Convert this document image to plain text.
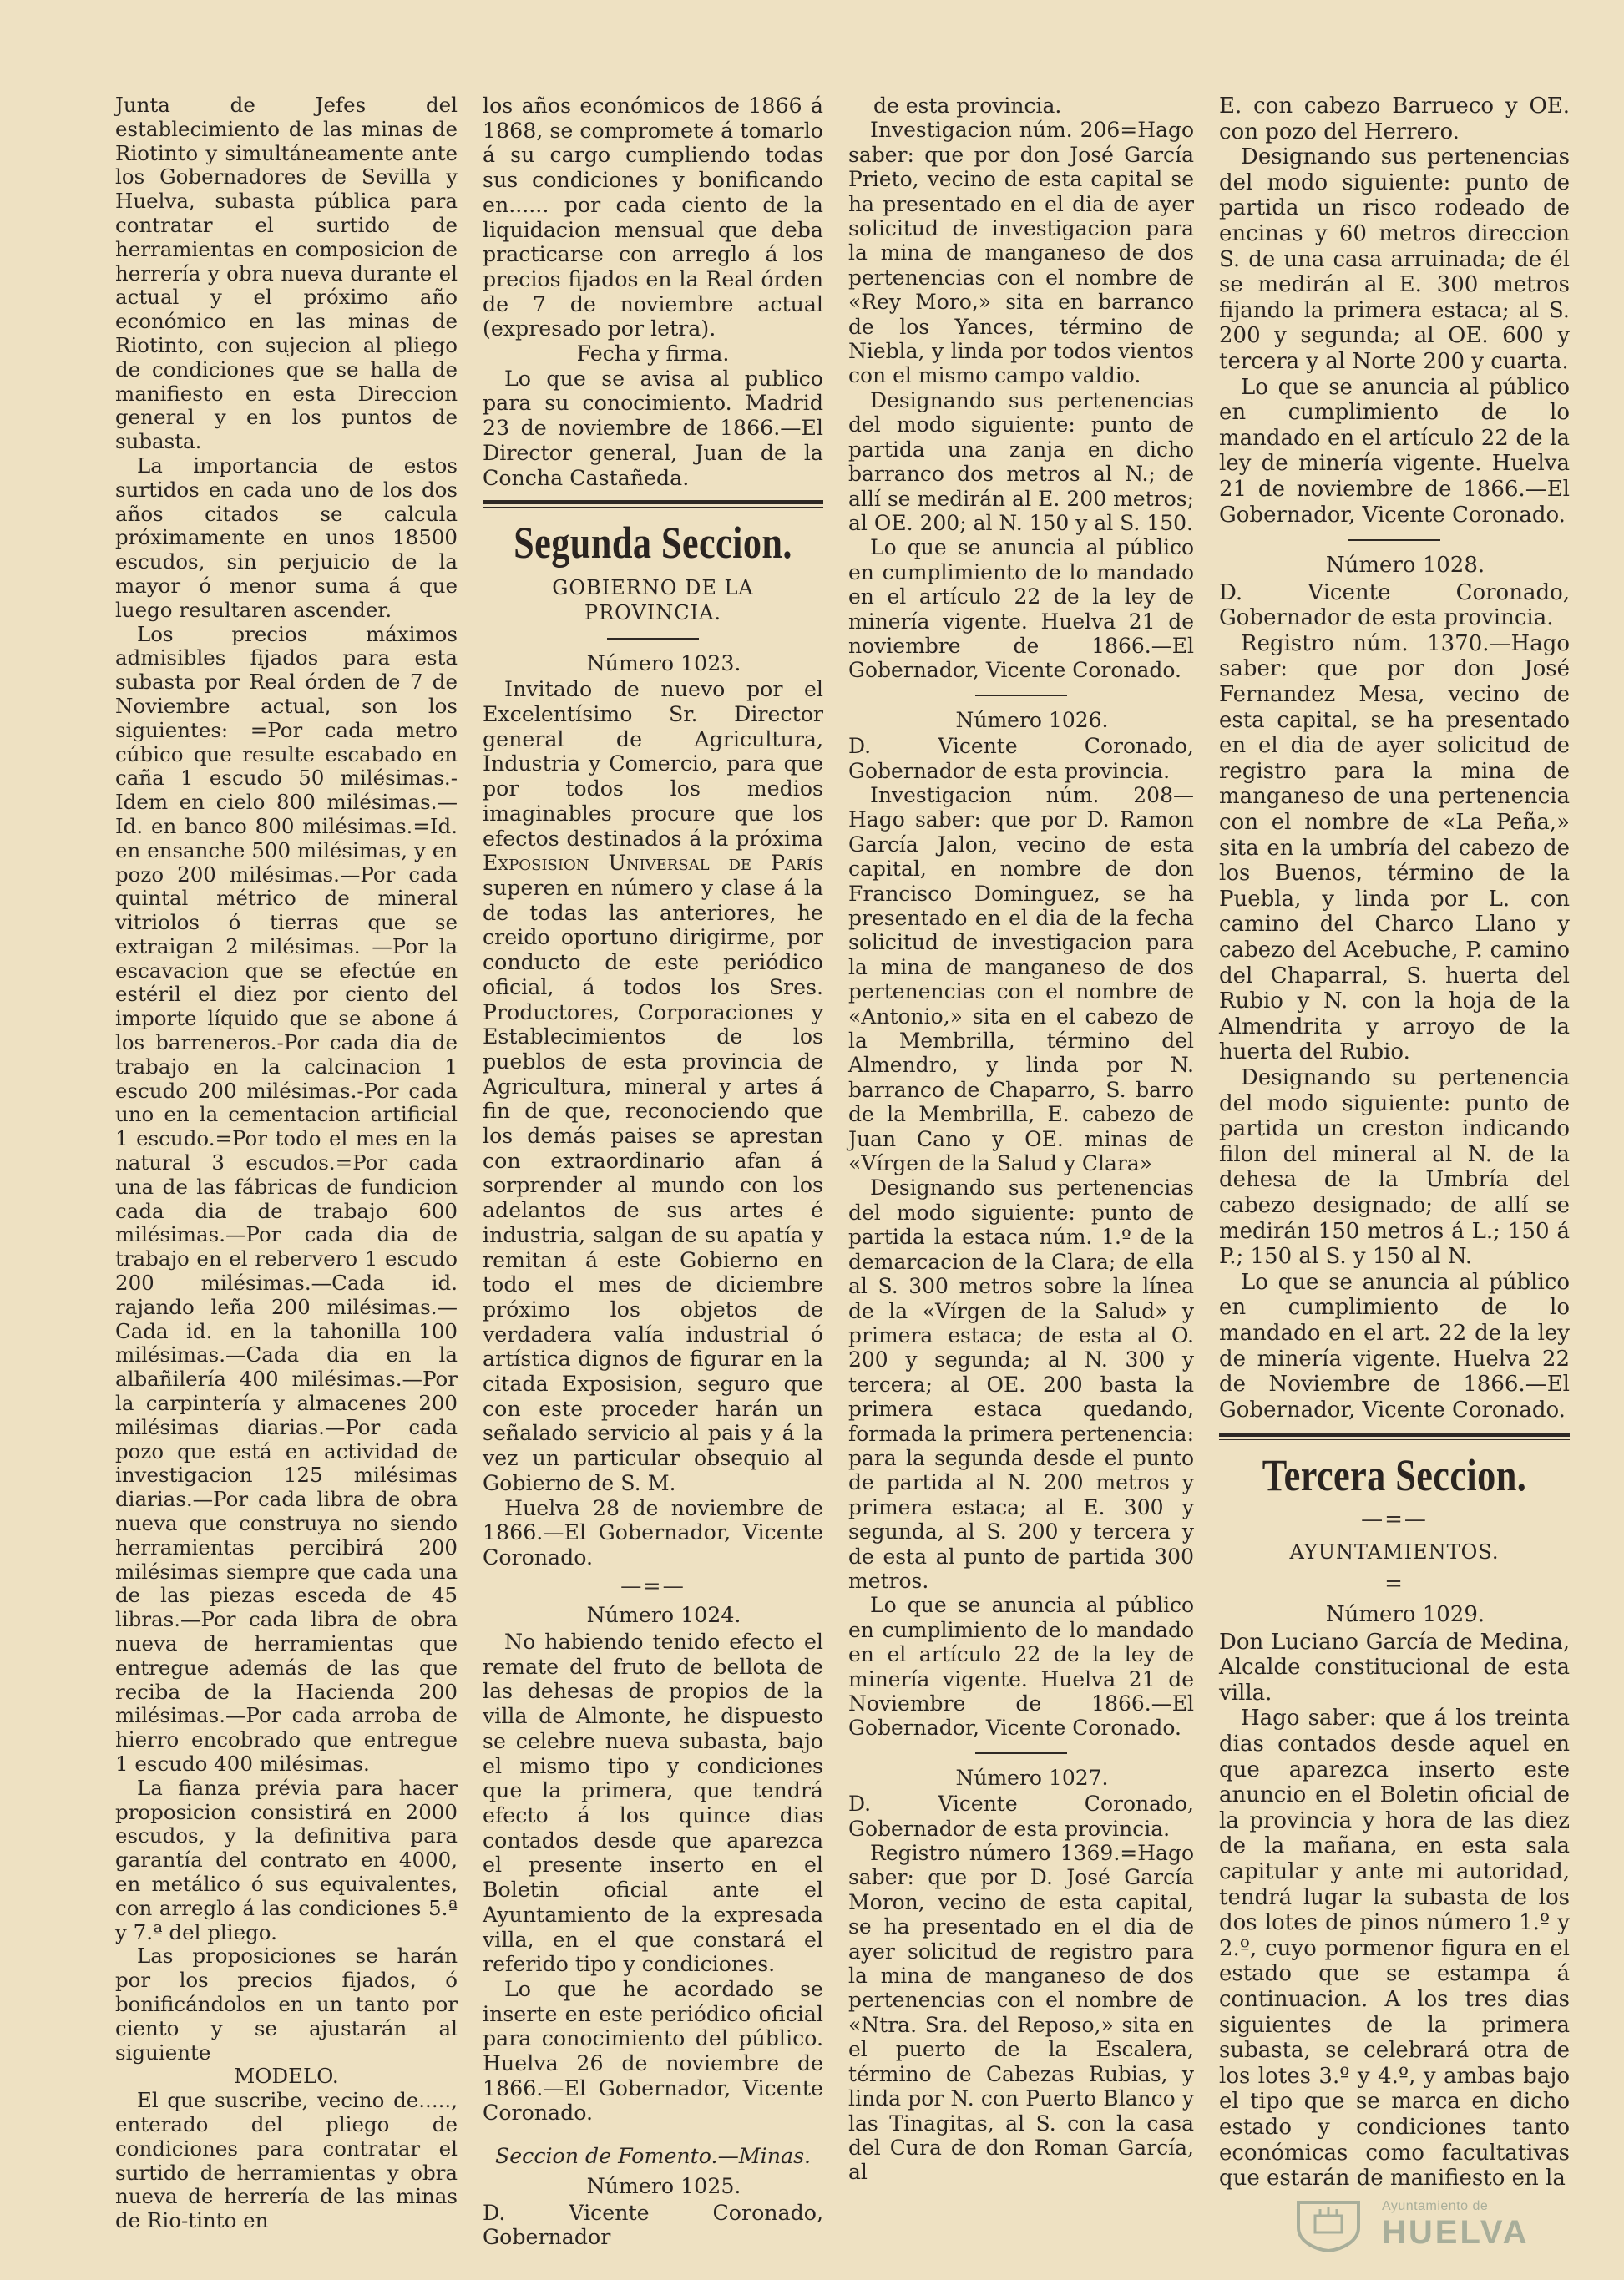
Junta de Jefes del establecimiento de las minas de Riotinto y simultáneamente ante los Gobernadores de Sevilla y Huelva, subasta pública para contratar el surtido de herramientas en composicion de herrería y obra nueva durante el actual y el próximo año económico en las minas de Riotinto, con sujecion al pliego de condiciones que se halla de manifiesto en esta Direccion general y en los puntos de subasta.

La importancia de estos surtidos en cada uno de los dos años citados se calcula próximamente en unos 18500 escudos, sin perjuicio de la mayor ó menor suma á que luego resultaren ascender.

Los precios máximos admisibles fijados para esta subasta por Real órden de 7 de Noviembre actual, son los siguientes: =Por cada metro cúbico que resulte escabado en caña 1 escudo 50 milésimas.-Idem en cielo 800 milésimas.—Id. en banco 800 milésimas.=Id. en ensanche 500 milésimas, y en pozo 200 milésimas.—Por cada quintal métrico de mineral vitriolos ó tierras que se extraigan 2 milésimas. —Por la escavacion que se efectúe en estéril el diez por ciento del importe líquido que se abone á los barreneros.-Por cada dia de trabajo en la calcinacion 1 escudo 200 milésimas.-Por cada uno en la cementacion artificial 1 escudo.=Por todo el mes en la natural 3 escudos.=Por cada una de las fábricas de fundicion cada dia de trabajo 600 milésimas.—Por cada dia de trabajo en el rebervero 1 escudo 200 milésimas.—Cada id. rajando leña 200 milésimas.—Cada id. en la tahonilla 100 milésimas.—Cada dia en la albañilería 400 milésimas.—Por la carpintería y almacenes 200 milésimas diarias.—Por cada pozo que está en actividad de investigacion 125 milésimas diarias.—Por cada libra de obra nueva que construya no siendo herramientas percibirá 200 milésimas siempre que cada una de las piezas esceda de 45 libras.—Por cada libra de obra nueva de herramientas que entregue además de las que reciba de la Hacienda 200 milésimas.—Por cada arroba de hierro encobrado que entregue 1 escudo 400 milésimas.

La fianza prévia para hacer proposicion consistirá en 2000 escudos, y la definitiva para garantía del contrato en 4000, en metálico ó sus equivalentes, con arreglo á las condiciones 5.ª y 7.ª del pliego.

Las proposiciones se harán por los precios fijados, ó bonificándolos en un tanto por ciento y se ajustarán al siguiente

MODELO.

El que suscribe, vecino de....., enterado del pliego de condiciones para contratar el surtido de herramientas y obra nueva de herrería de las minas de Rio-tinto en

los años económicos de 1866 á 1868, se compromete á tomarlo á su cargo cumpliendo todas sus condiciones y bonificando en...... por cada ciento de la liquidacion mensual que deba practicarse con arreglo á los precios fijados en la Real órden de 7 de noviembre actual (expresado por letra).

Fecha y firma.

Lo que se avisa al publico para su conocimiento. Madrid 23 de noviembre de 1866.—El Director general, Juan de la Concha Castañeda.

Segunda Seccion.
GOBIERNO DE LA PROVINCIA.

Número 1023.

Invitado de nuevo por el Excelentísimo Sr. Director general de Agricultura, Industria y Comercio, para que por todos los medios imaginables procure que los efectos destinados á la próxima Exposision Universal de París superen en número y clase á la de todas las anteriores, he creido oportuno dirigirme, por conducto de este periódico oficial, á todos los Sres. Productores, Corporaciones y Establecimientos de los pueblos de esta provincia de Agricultura, mineral y artes á fin de que, reconociendo que los demás paises se aprestan con extraordinario afan á sorprender al mundo con los adelantos de sus artes é industria, salgan de su apatía y remitan á este Gobierno en todo el mes de diciembre próximo los objetos de verdadera valía industrial ó artística dignos de figurar en la citada Exposision, seguro que con este proceder harán un señalado servicio al pais y á la vez un particular obsequio al Gobierno de S. M.

Huelva 28 de noviembre de 1866.—El Gobernador, Vicente Coronado.

—=—

Número 1024.

No habiendo tenido efecto el remate del fruto de bellota de las dehesas de propios de la villa de Almonte, he dispuesto se celebre nueva subasta, bajo el mismo tipo y condiciones que la primera, que tendrá efecto á los quince dias contados desde que aparezca el presente inserto en el Boletin oficial ante el Ayuntamiento de la expresada villa, en el que constará el referido tipo y condiciones.

Lo que he acordado se inserte en este periódico oficial para conocimiento del público. Huelva 26 de noviembre de 1866.—El Gobernador, Vicente Coronado.

Seccion de Fomento.—Minas.

Número 1025.

D. Vicente Coronado, Gobernador

de esta provincia.

Investigacion núm. 206=Hago saber: que por don José García Prieto, vecino de esta capital se ha presentado en el dia de ayer solicitud de investigacion para la mina de manganeso de dos pertenencias con el nombre de «Rey Moro,» sita en barranco de los Yances, término de Niebla, y linda por todos vientos con el mismo campo valdio.

Designando sus pertenencias del modo siguiente: punto de partida una zanja en dicho barranco dos metros al N.; de allí se medirán al E. 200 metros; al OE. 200; al N. 150 y al S. 150.

Lo que se anuncia al público en cumplimiento de lo mandado en el artículo 22 de la ley de minería vigente. Huelva 21 de noviembre de 1866.—El Gobernador, Vicente Coronado.

Número 1026.

D. Vicente Coronado, Gobernador de esta provincia.

Investigacion núm. 208—Hago saber: que por D. Ramon García Jalon, vecino de esta capital, en nombre de don Francisco Dominguez, se ha presentado en el dia de la fecha solicitud de investigacion para la mina de manganeso de dos pertenencias con el nombre de «Antonio,» sita en el cabezo de la Membrilla, término del Almendro, y linda por N. barranco de Chaparro, S. barro de la Membrilla, E. cabezo de Juan Cano y OE. minas de «Vírgen de la Salud y Clara»

Designando sus pertenencias del modo siguiente: punto de partida la estaca núm. 1.º de la demarcacion de la Clara; de ella al S. 300 metros sobre la línea de la «Vírgen de la Salud» y primera estaca; de esta al O. 200 y segunda; al N. 300 y tercera; al OE. 200 basta la primera estaca quedando, formada la primera pertenencia: para la segunda desde el punto de partida al N. 200 metros y primera estaca; al E. 300 y segunda, al S. 200 y tercera y de esta al punto de partida 300 metros.

Lo que se anuncia al público en cumplimiento de lo mandado en el artículo 22 de la ley de minería vigente. Huelva 21 de Noviembre de 1866.—El Gobernador, Vicente Coronado.

Número 1027.

D. Vicente Coronado, Gobernador de esta provincia.

Registro número 1369.=Hago saber: que por D. José García Moron, vecino de esta capital, se ha presentado en el dia de ayer solicitud de registro para la mina de manganeso de dos pertenencias con el nombre de «Ntra. Sra. del Reposo,» sita en el puerto de la Escalera, término de Cabezas Rubias, y linda por N. con Puerto Blanco y las Tinagitas, al S. con la casa del Cura de don Roman García, al

E. con cabezo Barrueco y OE. con pozo del Herrero.

Designando sus pertenencias del modo siguiente: punto de partida un risco rodeado de encinas y 60 metros direccion S. de una casa arruinada; de él se medirán al E. 300 metros fijando la primera estaca; al S. 200 y segunda; al OE. 600 y tercera y al Norte 200 y cuarta.

Lo que se anuncia al público en cumplimiento de lo mandado en el artículo 22 de la ley de minería vigente. Huelva 21 de noviembre de 1866.—El Gobernador, Vicente Coronado.

Número 1028.

D. Vicente Coronado, Gobernador de esta provincia.

Registro núm. 1370.—Hago saber: que por don José Fernandez Mesa, vecino de esta capital, se ha presentado en el dia de ayer solicitud de registro para la mina de manganeso de una pertenencia con el nombre de «La Peña,» sita en la umbría del cabezo de los Buenos, término de la Puebla, y linda por L. con camino del Charco Llano y cabezo del Acebuche, P. camino del Chaparral, S. huerta del Rubio y N. con la hoja de la Almendrita y arroyo de la huerta del Rubio.

Designando su pertenencia del modo siguiente: punto de partida un creston indicando filon del mineral al N. de la dehesa de la Umbría del cabezo designado; de allí se medirán 150 metros á L.; 150 á P.; 150 al S. y 150 al N.

Lo que se anuncia al público en cumplimiento de lo mandado en el art. 22 de la ley de minería vigente. Huelva 22 de Noviembre de 1866.—El Gobernador, Vicente Coronado.

Tercera Seccion.
—=—
AYUNTAMIENTOS.
=

Número 1029.

Don Luciano García de Medina, Alcalde constitucional de esta villa.

Hago saber: que á los treinta dias contados desde aquel en que aparezca inserto este anuncio en el Boletin oficial de la provincia y hora de las diez de la mañana, en esta sala capitular y ante mi autoridad, tendrá lugar la subasta de los dos lotes de pinos número 1.º y 2.º, cuyo pormenor figura en el estado que se estampa á continuacion. A los tres dias siguientes de la primera subasta, se celebrará otra de los lotes 3.º y 4.º, y ambas bajo el tipo que se marca en dicho estado y condiciones tanto económicas como facultativas que estarán de manifiesto en la

Ayuntamiento de
HUELVA
